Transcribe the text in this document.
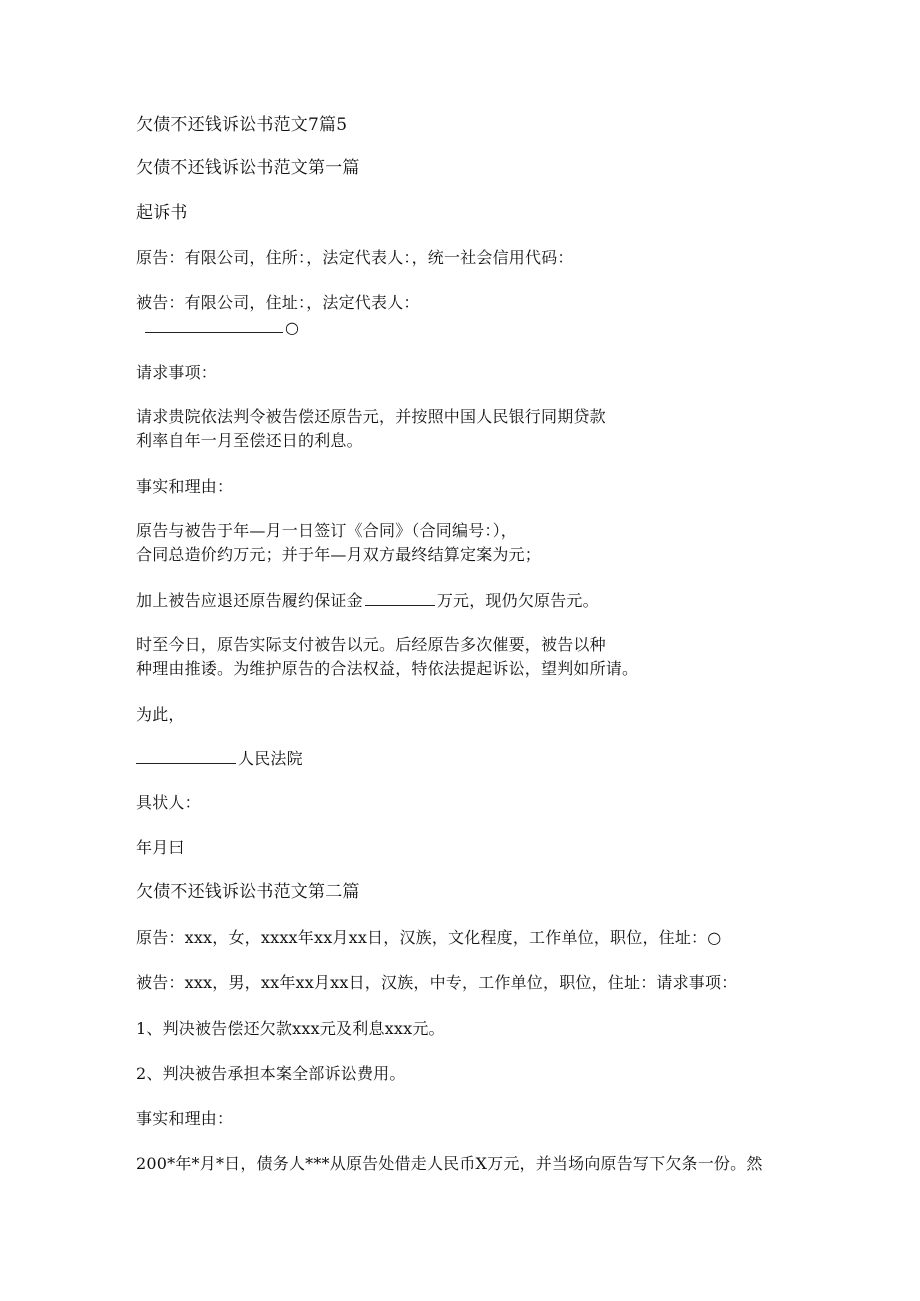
欠债不还钱诉讼书范文7篇5
欠债不还钱诉讼书范文第一篇
起诉书
原告：有限公司，住所：，法定代表人：，统一社会信用代码：
被告：有限公司，住址：，法定代表人：
○
请求事项：
请求贵院依法判令被告偿还原告元，并按照中国人民银行同期贷款
利率自年一月至偿还日的利息。
事实和理由：
原告与被告于年—月一日签订《合同》（合同编号：），
合同总造价约万元；并于年—月双方最终结算定案为元；
加上被告应退还原告履约保证金	万元，现仍欠原告元。
时至今日，原告实际支付被告以元。后经原告多次催要，被告以种
种理由推诿。为维护原告的合法权益，特依法提起诉讼，望判如所请。
为此，
人民法院
具状人：
年月曰
欠债不还钱诉讼书范文第二篇
原告：xxx，女，xxxx年xx月xx日，汉族，文化程度，工作单位，职位，住址：○
被告：xxx，男，xx年xx月xx日，汉族，中专，工作单位，职位，住址：请求事项：
1、判决被告偿还欠款xxx元及利息xxx元。
2、判决被告承担本案全部诉讼费用。
事实和理由：
200*年*月*日，债务人***从原告处借走人民币X万元，并当场向原告写下欠条一份。然
